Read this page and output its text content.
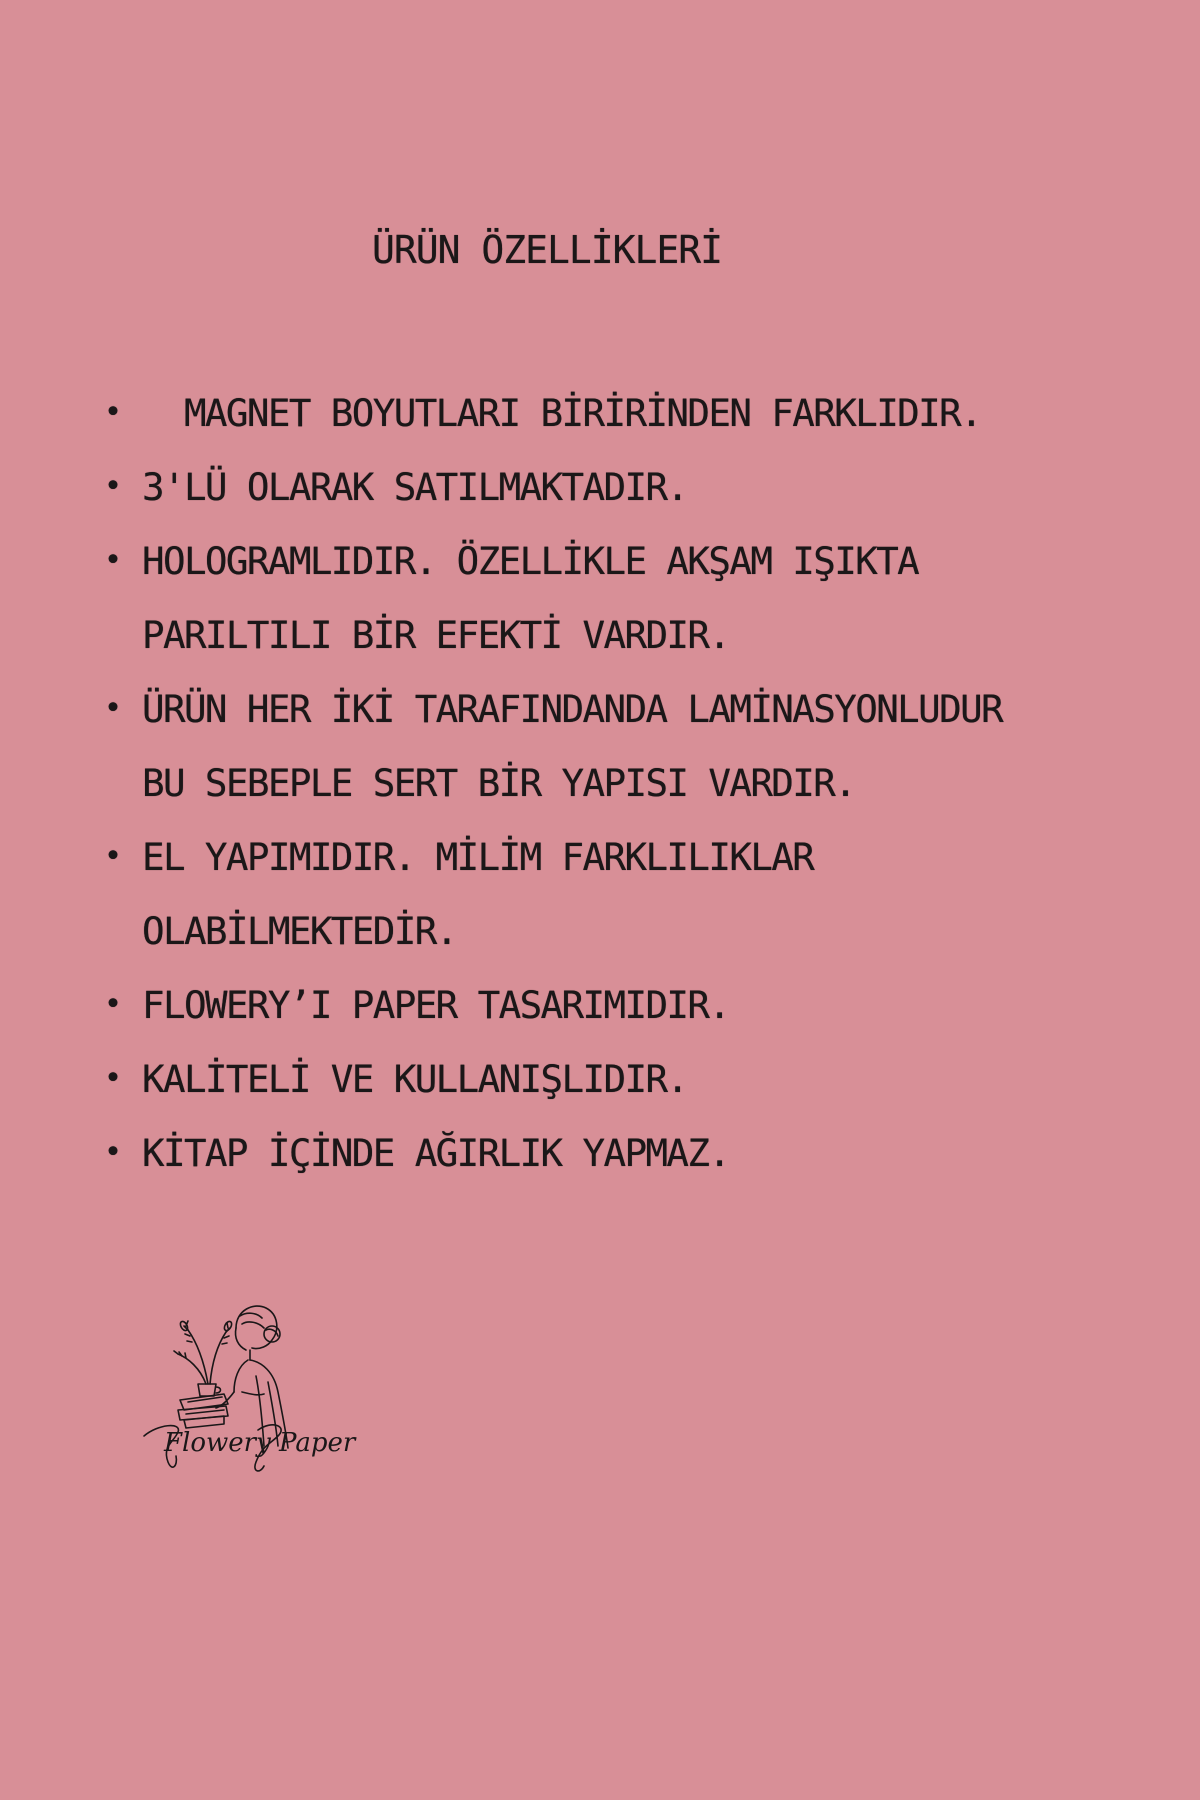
ÜRÜN ÖZELLİKLERİ
• MAGNET BOYUTLARI BİRİRİNDEN FARKLIDIR.
• 3'LÜ OLARAK SATILMAKTADIR.
• HOLOGRAMLIDIR. ÖZELLİKLE AKŞAM IŞIKTA
PARILTILI BİR EFEKTİ VARDIR.
• ÜRÜN HER İKİ TARAFINDANDA LAMİNASYONLUDUR
BU SEBEPLE SERT BİR YAPISI VARDIR.
• EL YAPIMIDIR. MİLİM FARKLILIKLAR
OLABİLMEKTEDİR.
• FLOWERY’I PAPER TASARIMIDIR.
• KALİTELİ VE KULLANIŞLIDIR.
• KİTAP İÇİNDE AĞIRLIK YAPMAZ.
Flowery Paper
